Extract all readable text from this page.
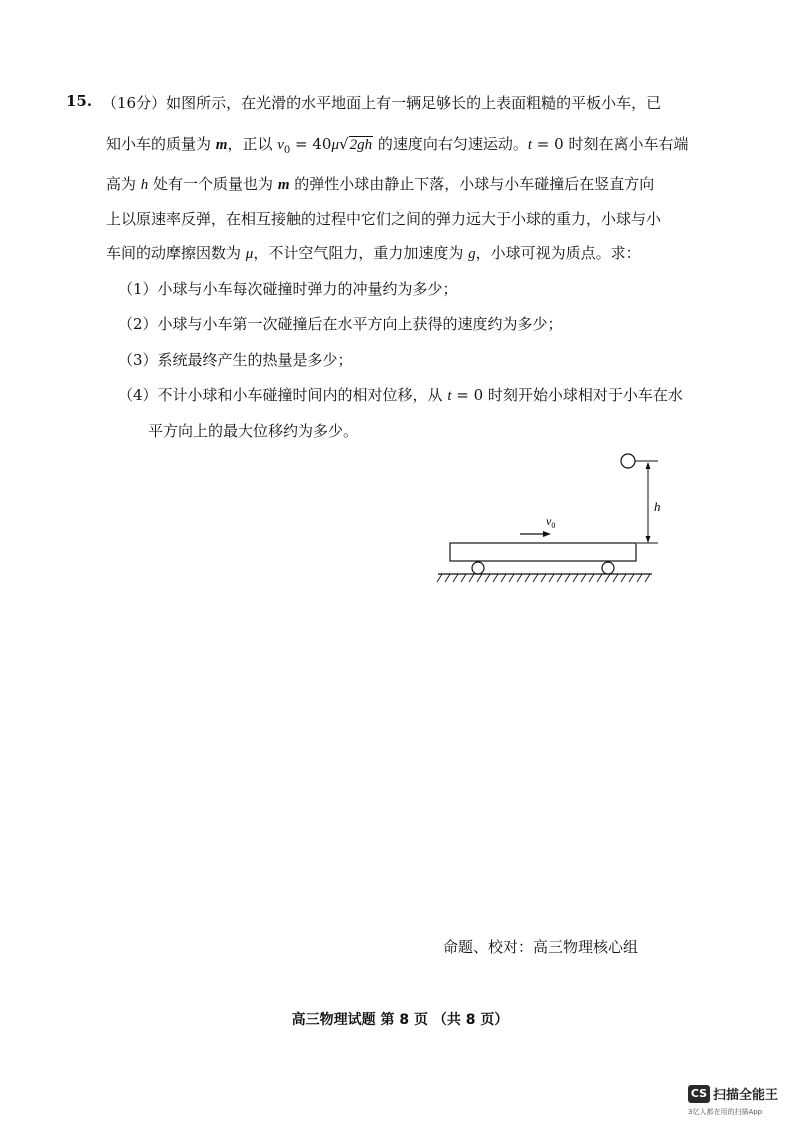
15. （16分）如图所示，在光滑的水平地面上有一辆足够长的上表面粗糙的平板小车，已
知小车的质量为 m，正以 $v_0 = 40\mu√2gh$ 的速度向右匀速运动。t = 0 时刻在离小车右端
高为 h 处有一个质量也为 m 的弹性小球由静止下落，小球与小车碰撞后在竖直方向
上以原速率反弹，在相互接触的过程中它们之间的弹力远大于小球的重力，小球与小
车间的动摩擦因数为 μ，不计空气阻力，重力加速度为 g，小球可视为质点。求：
（1）小球与小车每次碰撞时弹力的冲量约为多少；
（2）小球与小车第一次碰撞后在水平方向上获得的速度约为多少；
（3）系统最终产生的热量是多少；
（4）不计小球和小车碰撞时间内的相对位移，从 t = 0 时刻开始小球相对于小车在水
平方向上的最大位移约为多少。
h
$v_0$
命题、校对：高三物理核心组
高三物理试题 第 8 页 （共 8 页）
CS 扫描全能王
3亿人都在用的扫描App
